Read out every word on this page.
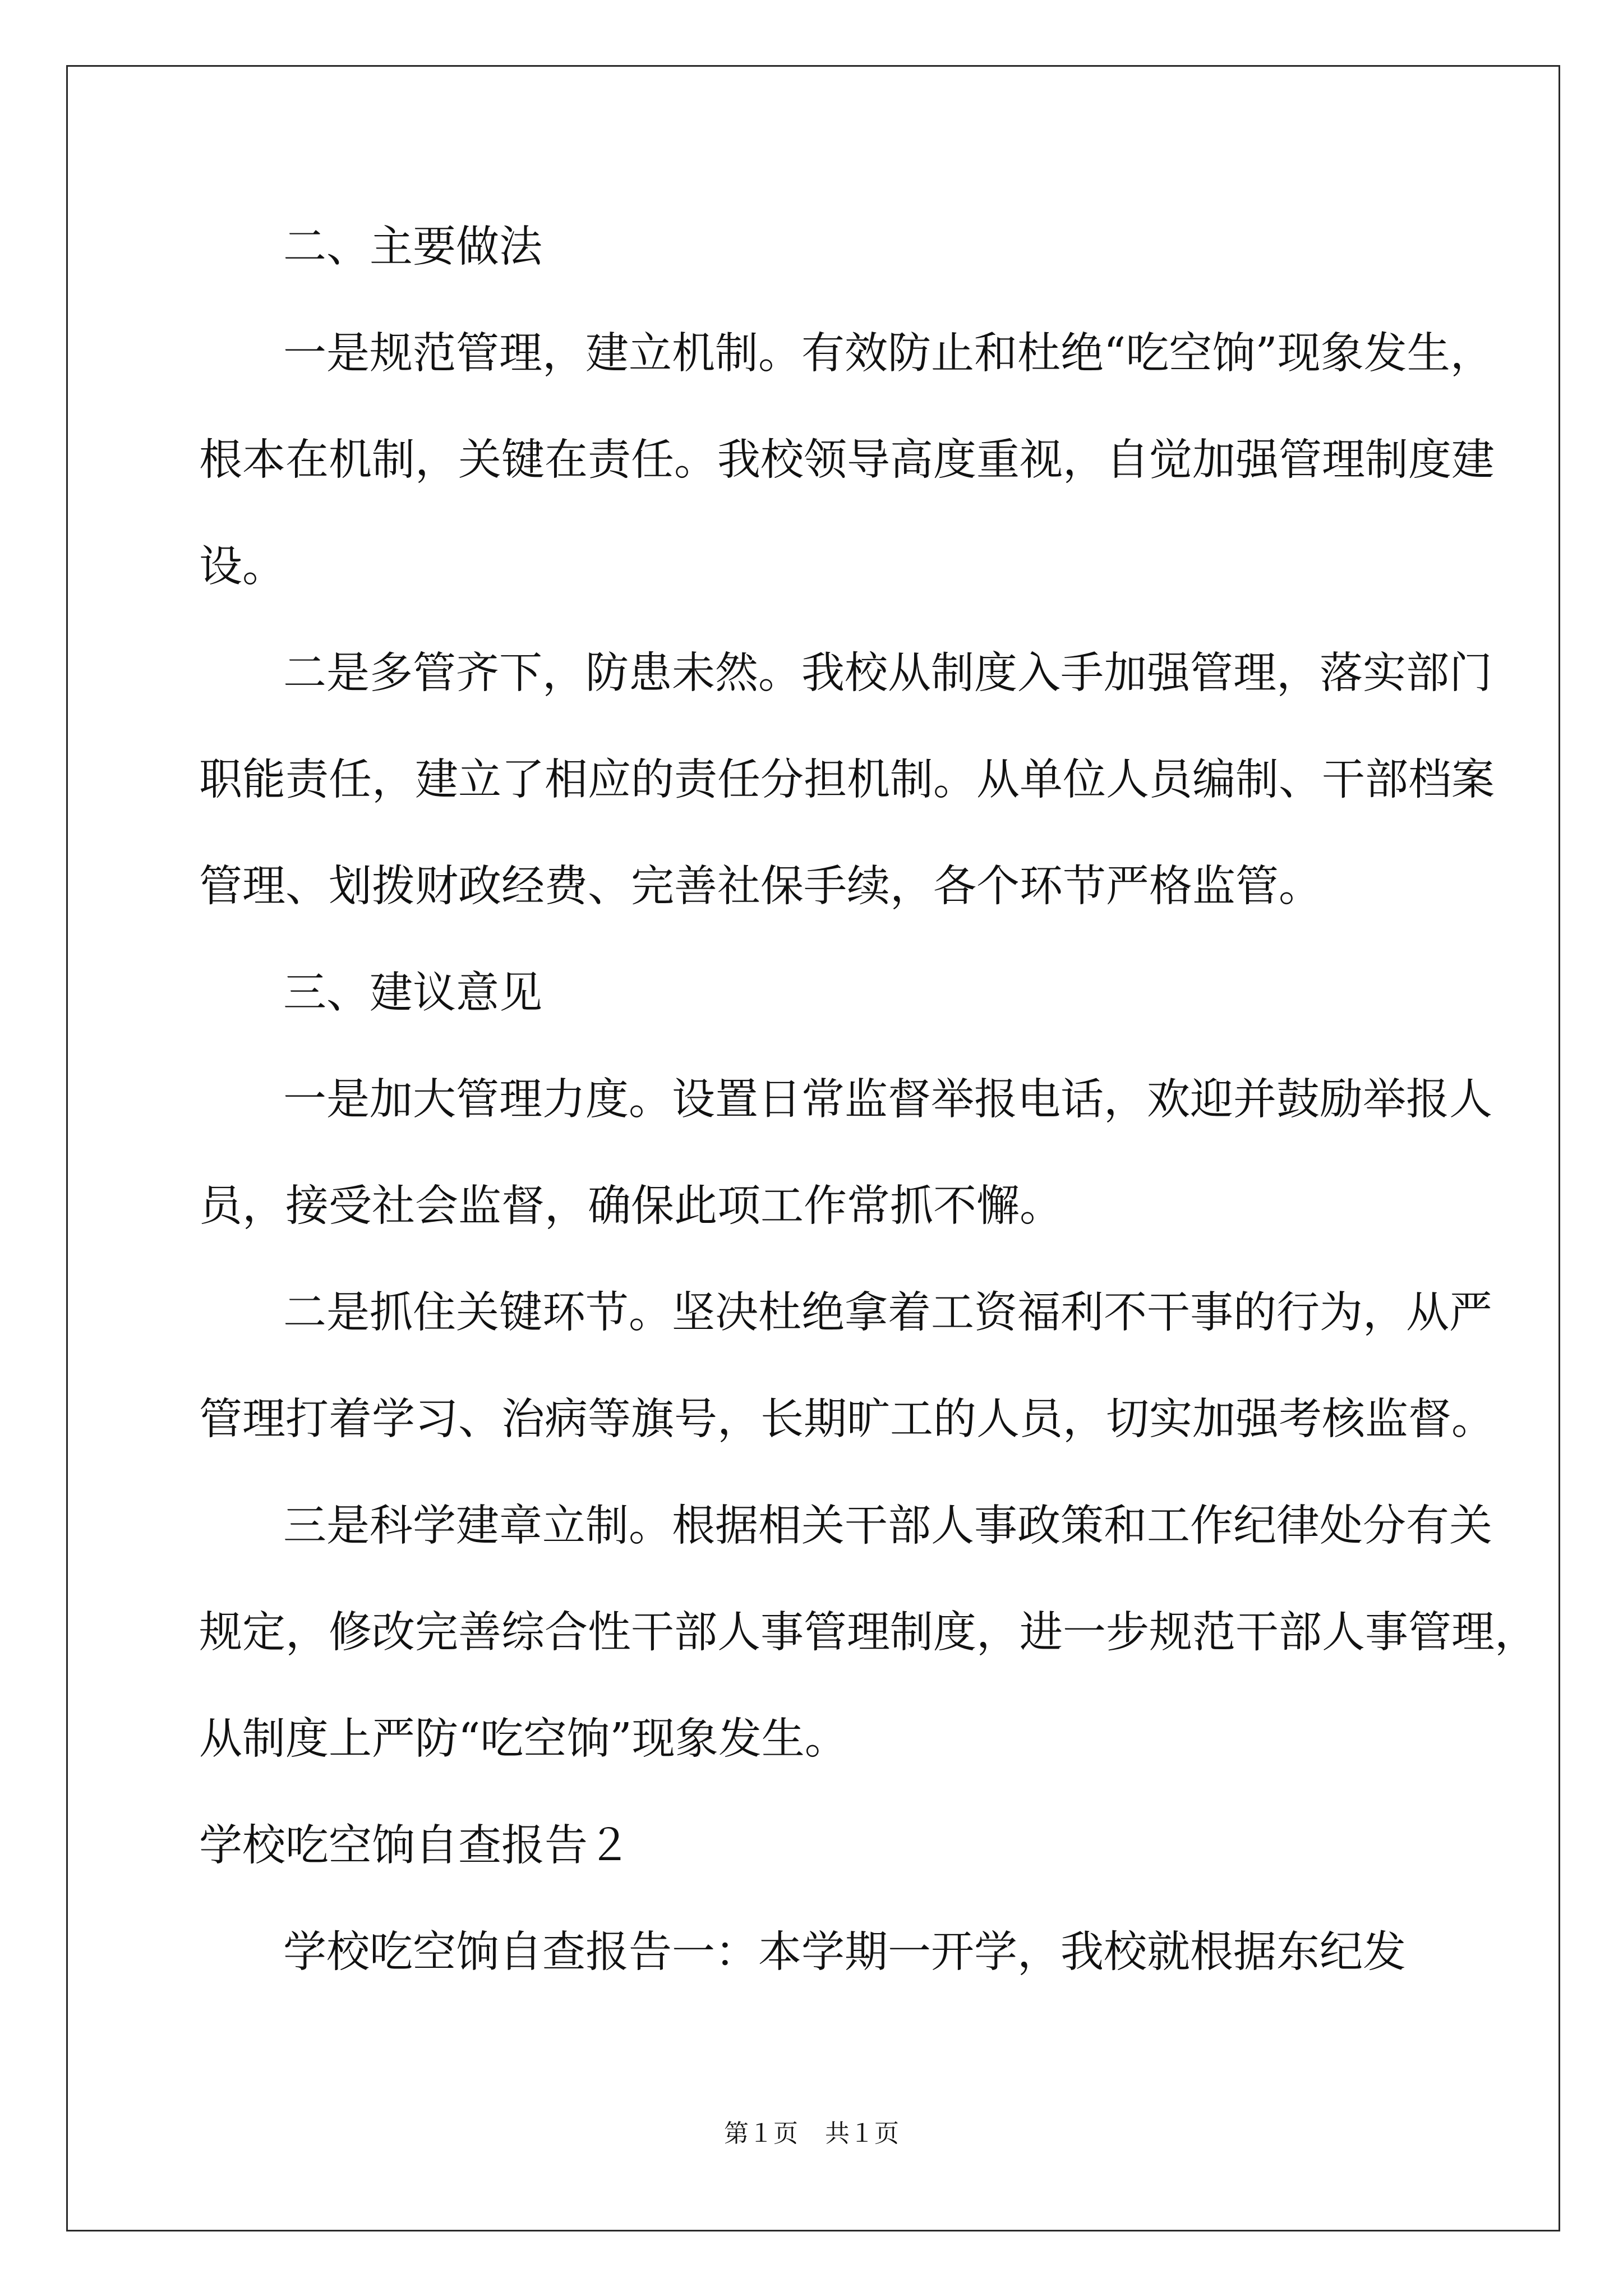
二、主要做法
一是规范管理，建立机制。有效防止和杜绝“吃空饷”现象发生，
根本在机制，关键在责任。我校领导高度重视，自觉加强管理制度建
设。
二是多管齐下，防患未然。我校从制度入手加强管理，落实部门
职能责任，建立了相应的责任分担机制。从单位人员编制、干部档案
管理、划拨财政经费、完善社保手续，各个环节严格监管。
三、建议意见
一是加大管理力度。设置日常监督举报电话，欢迎并鼓励举报人
员，接受社会监督，确保此项工作常抓不懈。
二是抓住关键环节。坚决杜绝拿着工资福利不干事的行为，从严
管理打着学习、治病等旗号，长期旷工的人员，切实加强考核监督。
三是科学建章立制。根据相关干部人事政策和工作纪律处分有关
规定，修改完善综合性干部人事管理制度，进一步规范干部人事管理，
从制度上严防“吃空饷”现象发生。
学校吃空饷自查报告２
学校吃空饷自查报告一：本学期一开学，我校就根据东纪发
第１页 共１页
